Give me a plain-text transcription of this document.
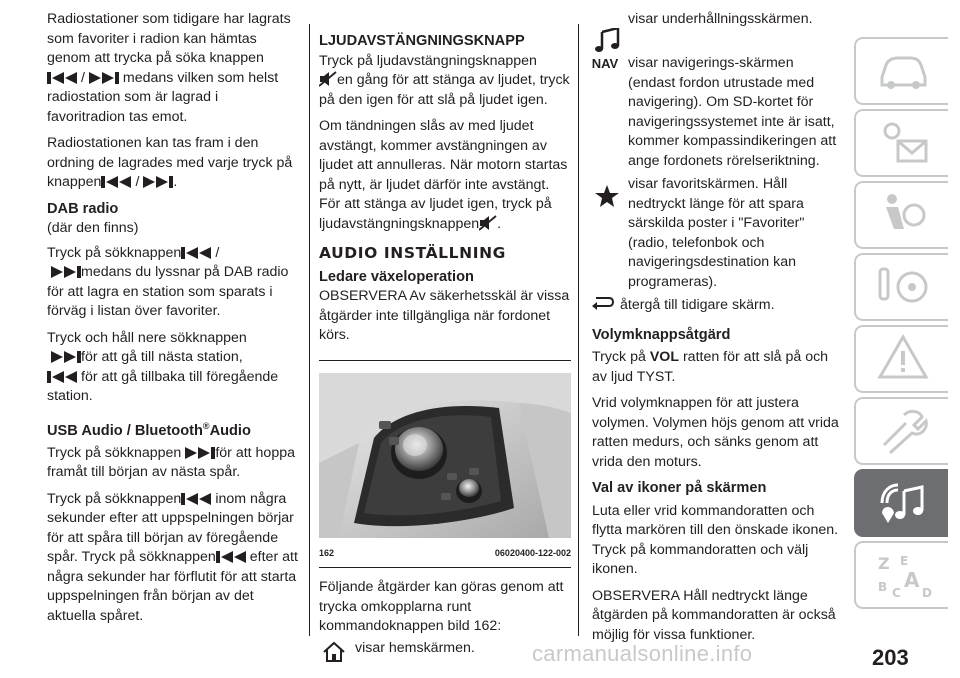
Radiostationer som tidigare har lagrats som favoriter i radion kan hämtas genom att trycka på söka knappen

/	medans vilken som helst radiostation som är lagrad i favoritradion tas emot.

Radiostationen kan tas fram i den ordning de lagrades med varje tryck på knappen / .

DAB radio

(där den finns)

Tryck på sökknappen /

medans du lyssnar på DAB radio för att lagra en station som sparats i förväg i listan över favoriter.

Tryck och håll nere sökknappen

för att gå till nästa station,

för att gå tillbaka till föregående station.

USB Audio / Bluetooth®Audio

Tryck på sökknappen för att hoppa framåt till början av nästa spår.

Tryck på sökknappen inom några sekunder efter att uppspelningen börjar för att spåra till början av föregående spår. Tryck på sökknappen efter att några sekunder har förflutit för att starta uppspelningen från början av det aktuella spåret.

LJUDAVSTÄNGNINGSKNAPP

Tryck på ljudavstängningsknappen

en gång för att stänga av ljudet, tryck på den igen för att slå på ljudet igen.

Om tändningen slås av med ljudet avstängt, kommer avstängningen av ljudet att annulleras. När motorn startas på nytt, är ljudet därför inte avstängt. För att stänga av ljudet igen, tryck på ljudavstängningsknappen .

AUDIO INSTÄLLNING
Ledare växeloperation

OBSERVERA Av säkerhetsskäl är vissa åtgärder inte tillgängliga när fordonet körs.

162	06020400-122-002

Följande åtgärder kan göras genom att trycka omkopplarna runt kommandoknappen bild 162:

visar hemskärmen.
visar underhållningsskärmen.
NAV visar navigerings-skärmen (endast fordon utrustade med navigering). Om SD-kortet för navigeringssystemet inte är isatt, kommer kompassindikeringen att ange fordonets rörelseriktning.
visar favoritskärmen. Håll nedtryckt länge för att spara särskilda poster i "Favoriter" (radio, telefonbok och navigeringsdestination kan programeras).
återgå till tidigare skärm.
Volymknappsåtgärd

Tryck på VOL ratten för att slå på och av ljud TYST.

Vrid volymknappen för att justera volymen. Volymen höjs genom att vrida ratten medurs, och sänks genom att vrida den moturs.

Val av ikoner på skärmen

Luta eller vrid kommandoratten och flytta markören till den önskade ikonen. Tryck på kommandoratten och välj ikonen.

OBSERVERA Håll nedtryckt länge åtgärden på kommandoratten är också möjlig för vissa funktioner.

Z E
A
B C D
carmanualsonline.info	203
